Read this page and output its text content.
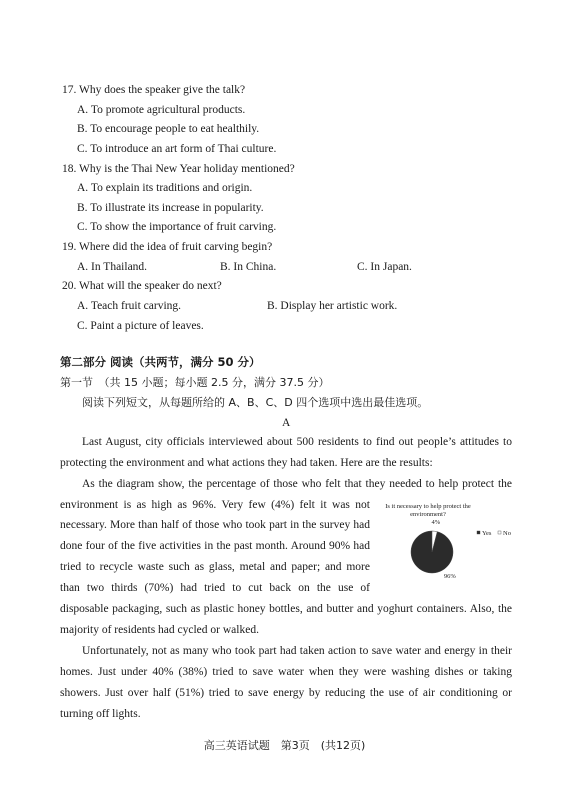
17. Why does the speaker give the talk?
A. To promote agricultural products.
B. To encourage people to eat healthily.
C. To introduce an art form of Thai culture.
18. Why is the Thai New Year holiday mentioned?
A. To explain its traditions and origin.
B. To illustrate its increase in popularity.
C. To show the importance of fruit carving.
19. Where did the idea of fruit carving begin?
A. In Thailand.	B. In China.	C. In Japan.
20. What will the speaker do next?
A. Teach fruit carving.	B. Display her artistic work.
C. Paint a picture of leaves.
第二部分 阅读（共两节，满分 50 分）
第一节　（共 15 小题；每小题 2.5 分，满分 37.5 分）
阅读下列短文，从每题所给的 A、B、C、D 四个选项中选出最佳选项。
A
Last August, city officials interviewed about 500 residents to find out people’s attitudes to
protecting the environment and what actions they had taken. Here are the results:
As the diagram show, the percentage of those who felt that they needed to help protect the
environment is as high as 96%. Very few (4%) felt it was not
necessary. More than half of those who took part in the survey had
done four of the five activities in the past month. Around 90% had
tried to recycle waste such as glass, metal and paper; and more
than two thirds (70%) had tried to cut back on the use of
disposable packaging, such as plastic honey bottles, and butter and yoghurt containers. Also, the
majority of residents had cycled or walked.
Unfortunately, not as many who took part had taken action to save water and energy in their
homes. Just under 40% (38%) tried to save water when they were washing dishes or taking
showers. Just over half (51%) tried to save energy by reducing the use of air conditioning or
turning off lights.
Is it necessary to help protect the
environment?
96%
4%
Yes No
高三英语试题　第3页　(共12页)
